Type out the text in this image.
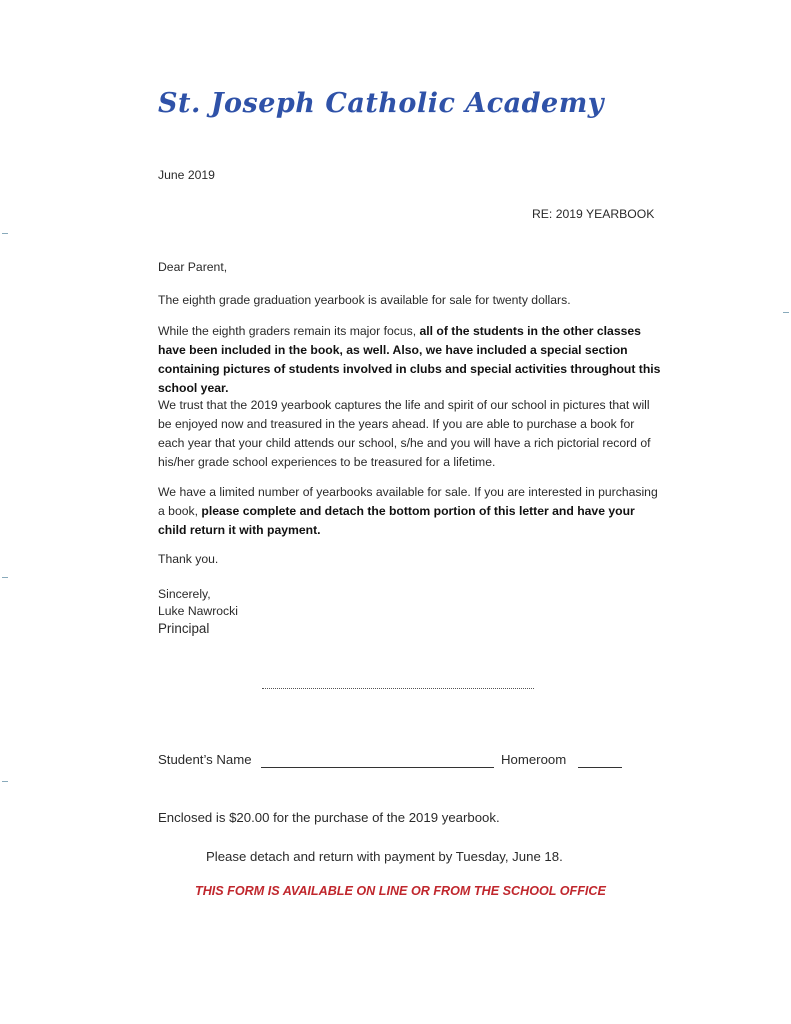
St. Joseph Catholic Academy
June 2019
RE: 2019 YEARBOOK
Dear Parent,
The eighth grade graduation yearbook is available for sale for twenty dollars.
While the eighth graders remain its major focus, all of the students in the other classes have been included in the book, as well. Also, we have included a special section containing pictures of students involved in clubs and special activities throughout this school year.
We trust that the 2019 yearbook captures the life and spirit of our school in pictures that will be enjoyed now and treasured in the years ahead. If you are able to purchase a book for each year that your child attends our school, s/he and you will have a rich pictorial record of his/her grade school experiences to be treasured for a lifetime.
We have a limited number of yearbooks available for sale. If you are interested in purchasing a book, please complete and detach the bottom portion of this letter and have your child return it with payment.
Thank you.
Sincerely,
Luke Nawrocki
Principal
Student’s Name	Homeroom
Enclosed is $20.00 for the purchase of the 2019 yearbook.
Please detach and return with payment by Tuesday, June 18.
THIS FORM IS AVAILABLE ON LINE OR FROM THE SCHOOL OFFICE
